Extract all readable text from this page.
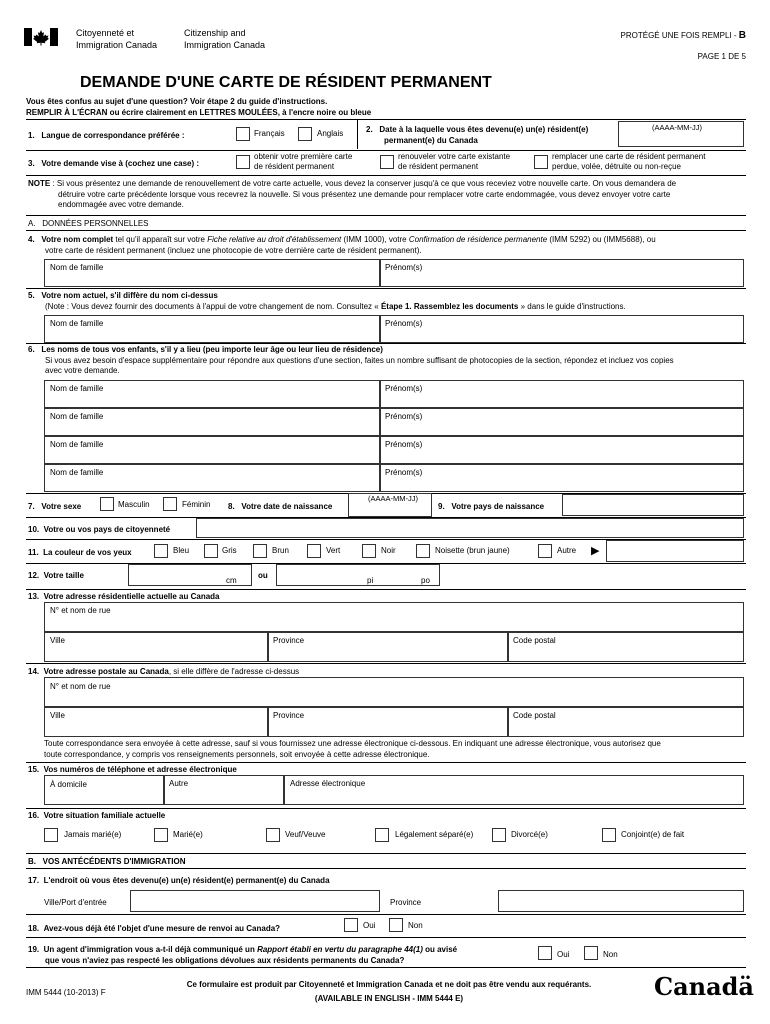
Citoyenneté et
Immigration Canada
Citizenship and
Immigration Canada
PROTÉGÉ UNE FOIS REMPLI - B
PAGE 1 DE 5
DEMANDE D'UNE CARTE DE RÉSIDENT PERMANENT
Vous êtes confus au sujet d'une question? Voir étape 2 du guide d'instructions.
REMPLIR À L'ÉCRAN ou écrire clairement en LETTRES MOULÉES, à l'encre noire ou bleue
1. Langue de correspondance préférée :	Français	Anglais	2. Date à la laquelle vous êtes devenu(e) un(e) résident(e)
permanent(e) du Canada
(AAAA-MM-JJ)
3. Votre demande vise à (cochez une case) :
obtenir votre première carte
de résident permanent
renouveler votre carte existante
de résident permanent
remplacer une carte de résident permanent
perdue, volée, détruite ou non-reçue
NOTE : Si vous présentez une demande de renouvellement de votre carte actuelle, vous devez la conserver jusqu'à ce que vous receviez votre nouvelle carte. On vous demandera de
détruire votre carte précédente lorsque vous recevrez la nouvelle. Si vous présentez une demande pour remplacer votre carte endommagée, vous devez envoyer votre carte
endommagée avec votre demande.
A. DONNÉES PERSONNELLES
4. Votre nom complet tel qu'il apparaît sur votre Fiche relative au droit d'établissement (IMM 1000), votre Confirmation de résidence permanente (IMM 5292) ou (IMM5688), ou
votre carte de résident permanent (incluez une photocopie de votre dernière carte de résident permanent).
Nom de famille	Prénom(s)
5. Votre nom actuel, s'il diffère du nom ci-dessus
(Note : Vous devez fournir des documents à l'appui de votre changement de nom. Consultez « Étape 1. Rassemblez les documents » dans le guide d'instructions.
Nom de famille	Prénom(s)
6. Les noms de tous vos enfants, s'il y a lieu (peu importe leur âge ou leur lieu de résidence)
Si vous avez besoin d'espace supplémentaire pour répondre aux questions d'une section, faites un nombre suffisant de photocopies de la section, répondez et incluez vos copies
avec votre demande.
Nom de famille	Prénom(s)
Nom de famille	Prénom(s)
Nom de famille	Prénom(s)
Nom de famille	Prénom(s)
7. Votre sexe	Masculin	Féminin 8. Votre date de naissance
(AAAA-MM-JJ)
9. Votre pays de naissance
10. Votre ou vos pays de citoyenneté
11. La couleur de vos yeux	Bleu	Gris	Brun	Vert	Noir	Noisette (brun jaune)	Autre ▶
12. Votre taille
cm
ou
pi	po
13. Votre adresse résidentielle actuelle au Canada
N° et nom de rue
Ville	Province	Code postal
14. Votre adresse postale au Canada, si elle diffère de l'adresse ci-dessus
N° et nom de rue
Ville	Province	Code postal
Toute correspondance sera envoyée à cette adresse, sauf si vous fournissez une adresse électronique ci-dessous. En indiquant une adresse électronique, vous autorisez que
toute correspondance, y compris vos renseignements personnels, soit envoyée à cette adresse électronique.
15. Vos numéros de téléphone et adresse électronique
À domicile	Autre	Adresse électronique
16. Votre situation familiale actuelle
Jamais marié(e)	Marié(e)	Veuf/Veuve	Légalement séparé(e)	Divorcé(e)	Conjoint(e) de fait
B. VOS ANTÉCÉDENTS D'IMMIGRATION
17. L'endroit où vous êtes devenu(e) un(e) résident(e) permanent(e) du Canada
Ville/Port d'entrée	Province
18. Avez-vous déjà été l'objet d'une mesure de renvoi au Canada?	Oui	Non
19. Un agent d'immigration vous a-t-il déjà communiqué un Rapport établi en vertu du paragraphe 44(1) ou avisé
que vous n'aviez pas respecté les obligations dévolues aux résidents permanents du Canada?
Oui	Non
IMM 5444 (10-2013) F
Ce formulaire est produit par Citoyenneté et Immigration Canada et ne doit pas être vendu aux requérants.
(AVAILABLE IN ENGLISH - IMM 5444 E)	Canadä
